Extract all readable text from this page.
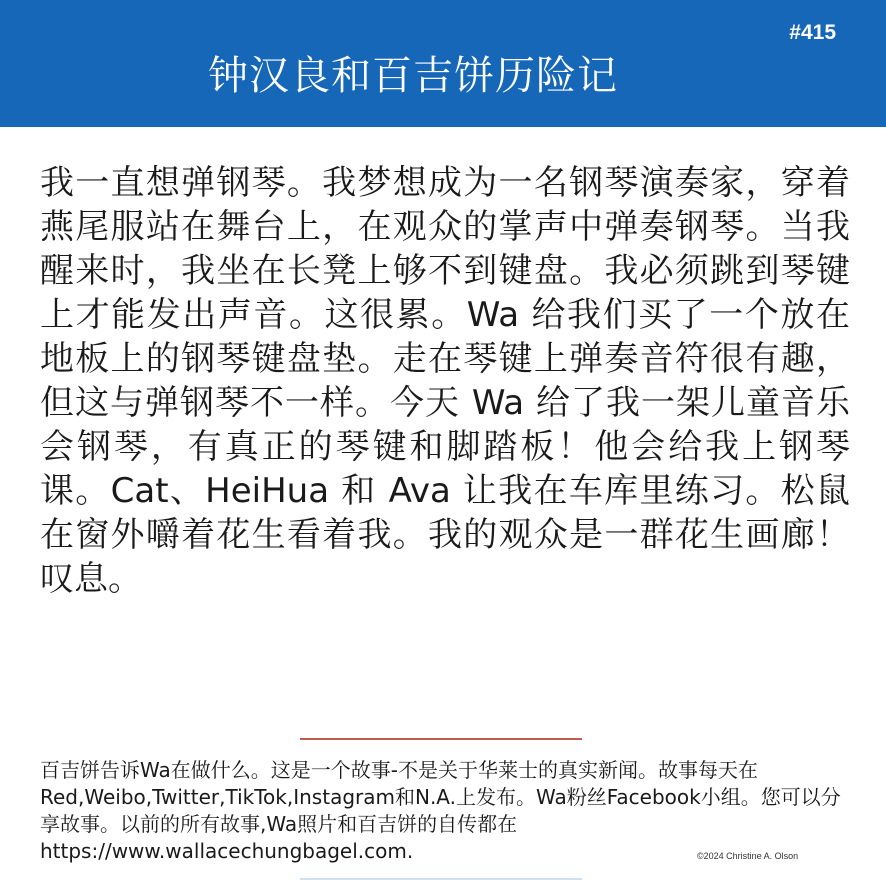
#415
钟汉良和百吉饼历险记

我一直想弹钢琴。我梦想成为一名钢琴演奏家，穿着燕尾服站在舞台上，在观众的掌声中弹奏钢琴。当我醒来时，我坐在长凳上够不到键盘。我必须跳到琴键上才能发出声音。这很累。Wa 给我们买了一个放在地板上的钢琴键盘垫。走在琴键上弹奏音符很有趣，但这与弹钢琴不一样。今天 Wa 给了我一架儿童音乐会钢琴，有真正的琴键和脚踏板！他会给我上钢琴课。Cat、HeiHua 和 Ava 让我在车库里练习。松鼠在窗外嚼着花生看着我。我的观众是一群花生画廊！叹息。

百吉饼告诉Wa在做什么。这是一个故事-不是关于华莱士的真实新闻。故事每天在Red,Weibo,Twitter,TikTok,Instagram和N.A.上发布。Wa粉丝Facebook小组。您可以分享故事。以前的所有故事,Wa照片和百吉饼的自传都在https://www.wallacechungbagel.com.	©2024 Christine A. Olson
